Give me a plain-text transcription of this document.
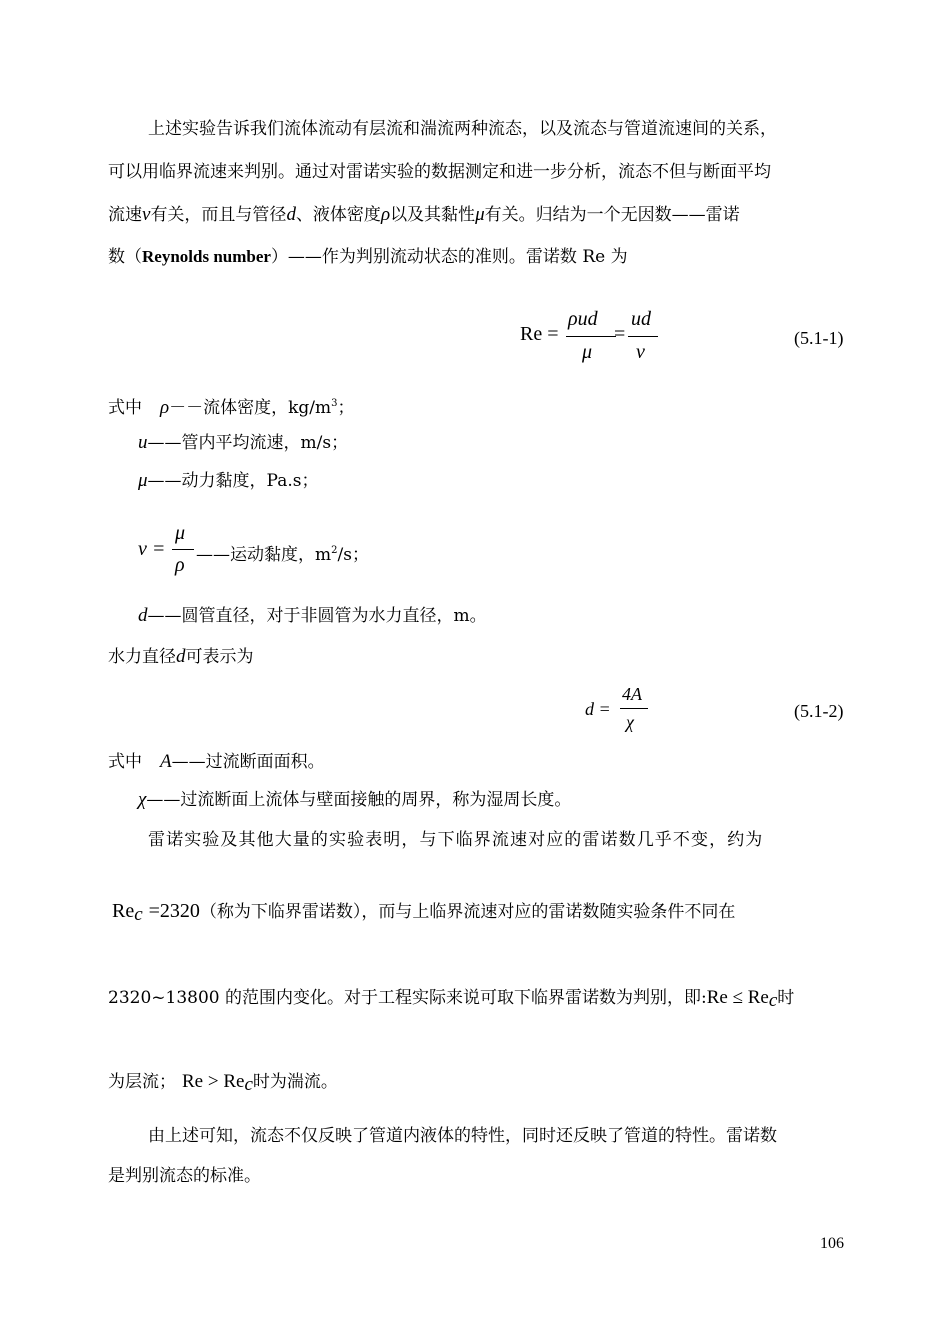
上述实验告诉我们流体流动有层流和湍流两种流态，以及流态与管道流速间的关系，
可以用临界流速来判别。通过对雷诺实验的数据测定和进一步分析，流态不但与断面平均
流速v有关，而且与管径d、液体密度ρ以及其黏性μ有关。归结为一个无因数——雷诺
数（Reynolds number）——作为判别流动状态的准则。雷诺数 Re 为
Re =
ρud
μ
=
ud
ν
(5.1-1)
式中 ρ－－流体密度，$kg/m^3$；
u——管内平均流速，m/s；
μ——动力黏度，Pa.s；
ν =
μ
ρ ——运动黏度，$m^2/s$；
d——圆管直径，对于非圆管为水力直径，m。
水力直径d可表示为
d =
4A
χ
(5.1-2)
式中 A——过流断面面积。
χ——过流断面上流体与壁面接触的周界，称为湿周长度。
雷诺实验及其他大量的实验表明，与下临界流速对应的雷诺数几乎不变，约为
$Re_c =2320$（称为下临界雷诺数），而与上临界流速对应的雷诺数随实验条件不同在
2320~13800 的范围内变化。对于工程实际来说可取下临界雷诺数为判别，即:Re ≤ $Re_c$时
为层流； $Re > Re_c$时为湍流。
由上述可知，流态不仅反映了管道内液体的特性，同时还反映了管道的特性。雷诺数
是判别流态的标准。
106
